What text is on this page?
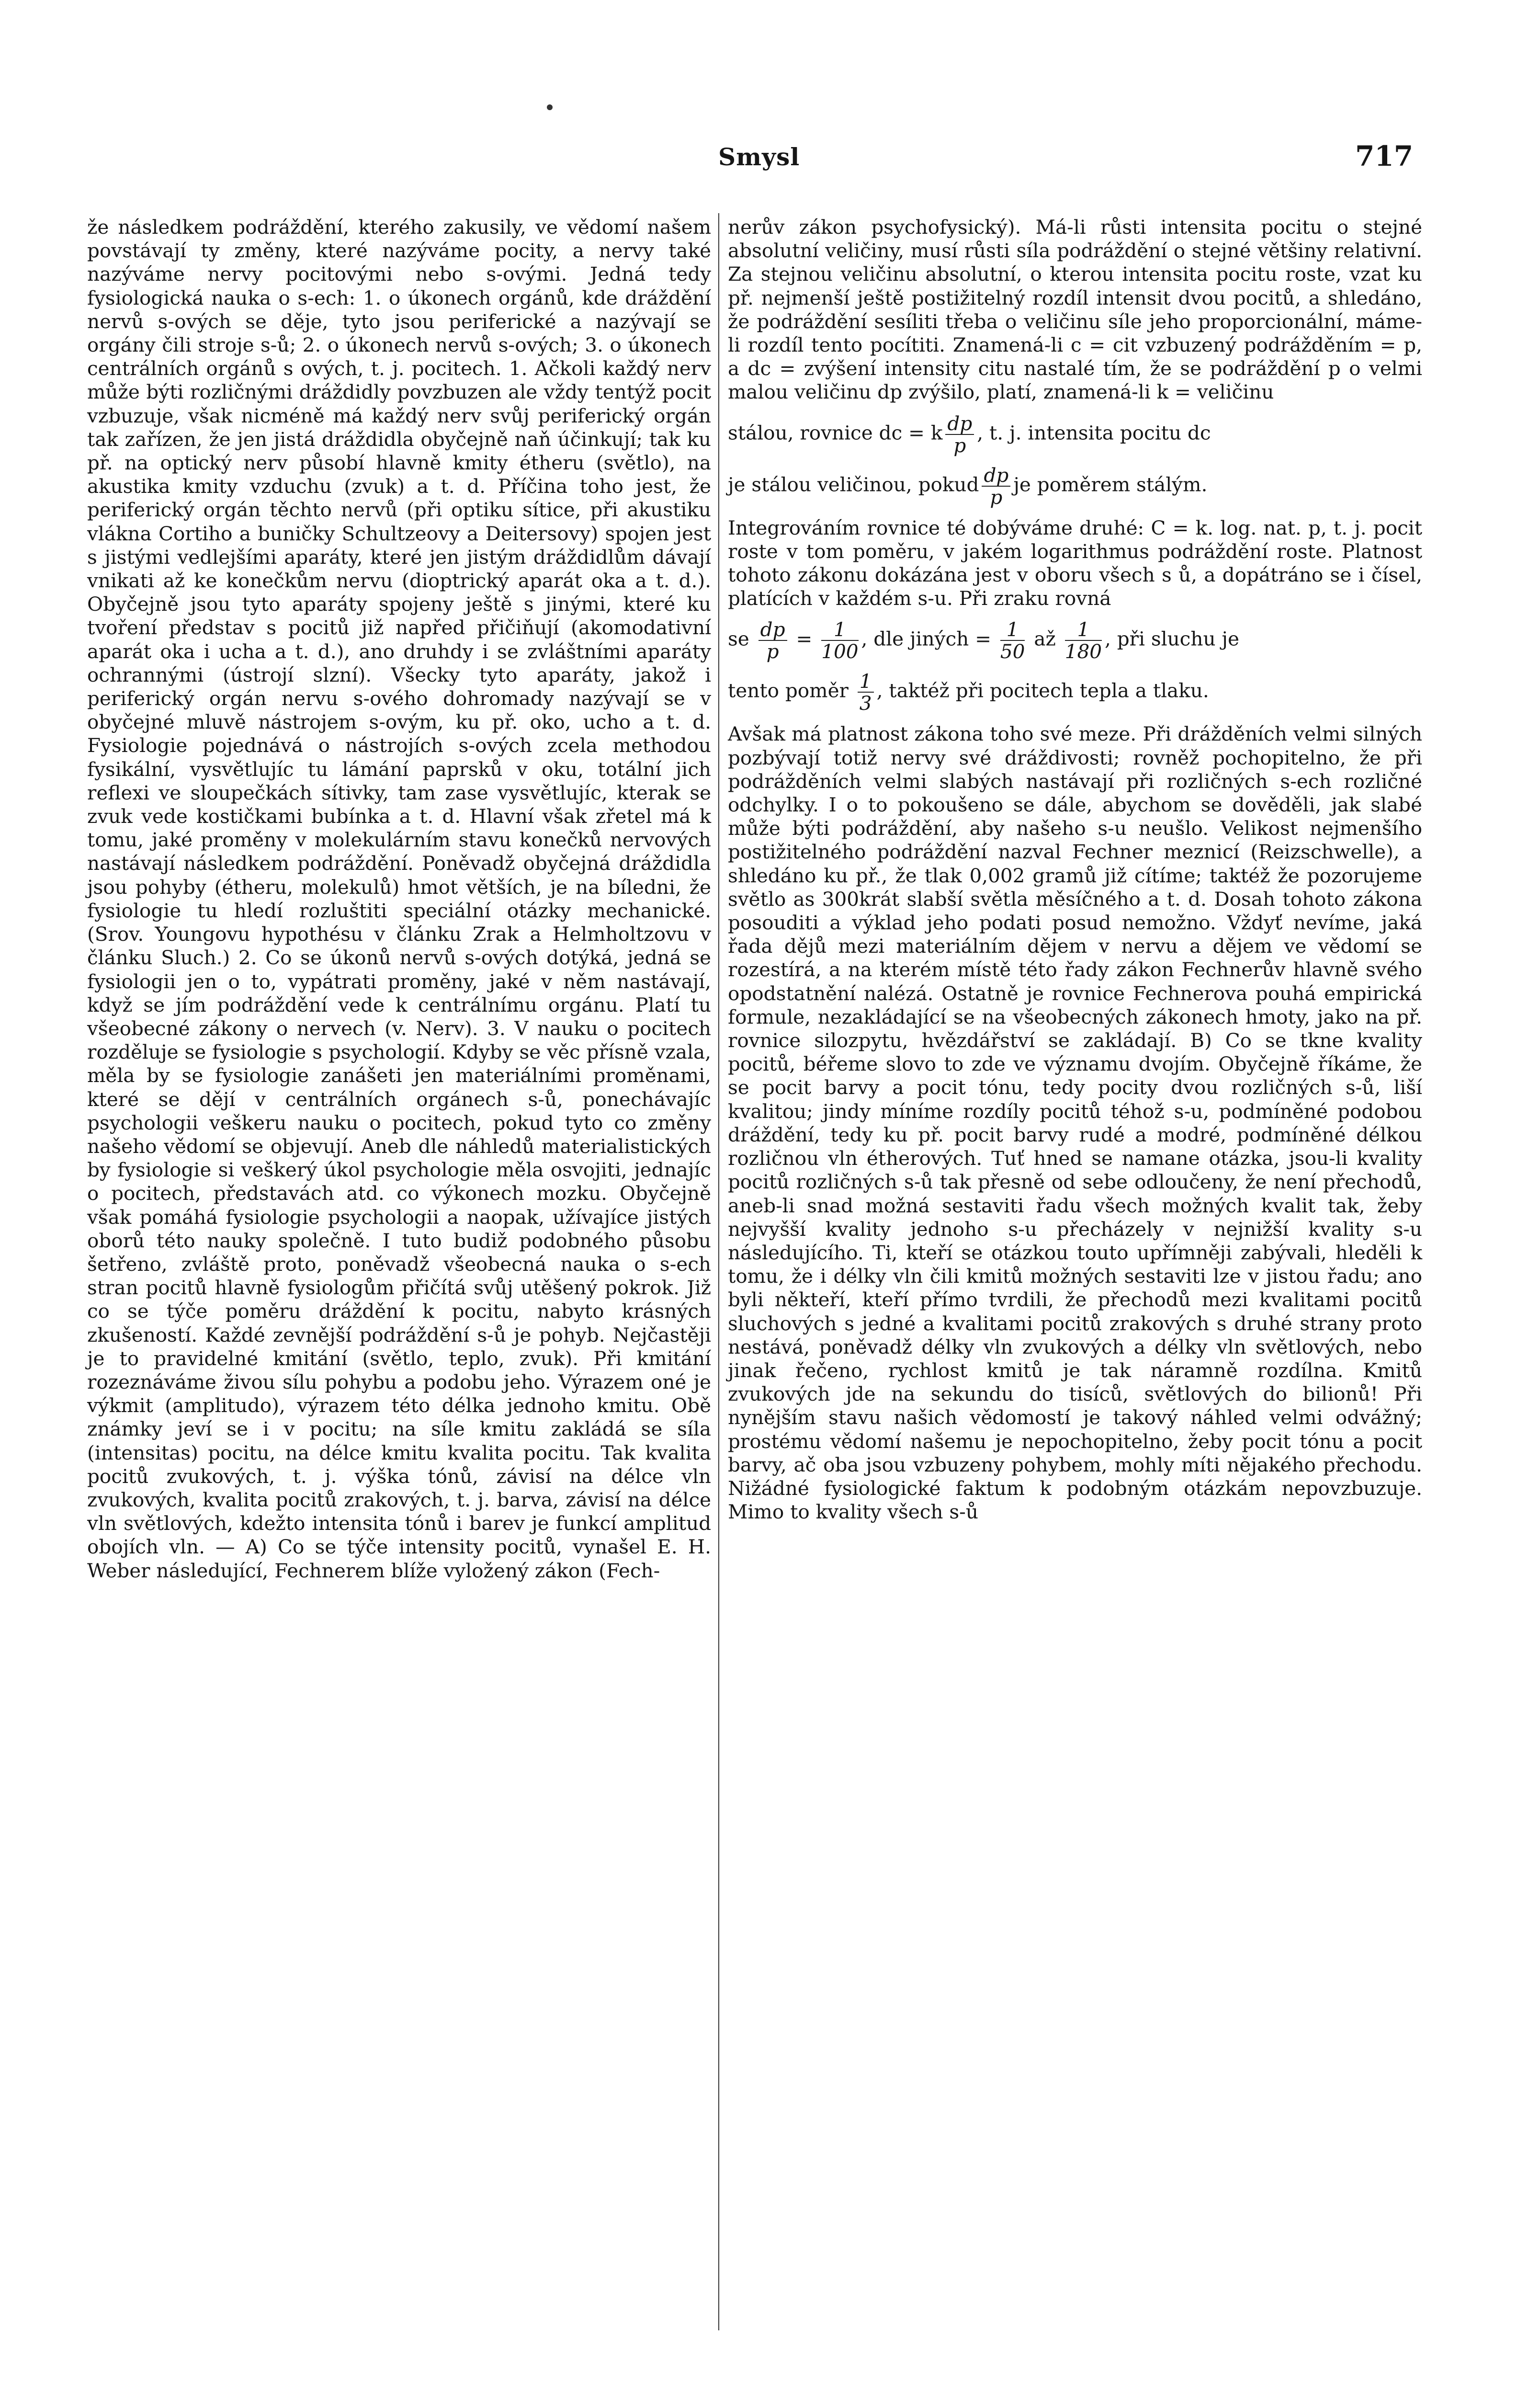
Smysl	717

že následkem podráždění, kterého zakusily, ve vědomí našem povstávají ty změny, které nazýváme pocity, a nervy také nazýváme nervy pocitovými nebo s-ovými. Jedná tedy fysiologická nauka o s-ech: 1. o úkonech orgánů, kde dráždění nervů s-ových se děje, tyto jsou periferické a nazývají se orgány čili stroje s-ů; 2. o úkonech nervů s-ových; 3. o úkonech centrálních orgánů s ových, t. j. pocitech. 1. Ačkoli každý nerv může býti rozličnými dráždidly povzbuzen ale vždy tentýž pocit vzbuzuje, však nicméně má každý nerv svůj periferický orgán tak zařízen, že jen jistá dráždidla obyčejně naň účinkují; tak ku př. na optický nerv působí hlavně kmity étheru (světlo), na akustika kmity vzduchu (zvuk) a t. d. Příčina toho jest, že periferický orgán těchto nervů (při optiku sítice, při akustiku vlákna Cortiho a buničky Schultzeovy a Deitersovy) spojen jest s jistými vedlejšími aparáty, které jen jistým dráždidlům dávají vnikati až ke konečkům nervu (dioptrický aparát oka a t. d.). Obyčejně jsou tyto aparáty spojeny ještě s jinými, které ku tvoření představ s pocitů již napřed přičiňují (akomodativní aparát oka i ucha a t. d.), ano druhdy i se zvláštními aparáty ochrannými (ústrojí slzní). Všecky tyto aparáty, jakož i periferický orgán nervu s-ového dohromady nazývají se v obyčejné mluvě nástrojem s-ovým, ku př. oko, ucho a t. d. Fysiologie pojednává o nástrojích s-ových zcela methodou fysikální, vysvětlujíc tu lámání paprsků v oku, totální jich reflexi ve sloupečkách sítivky, tam zase vysvětlujíc, kterak se zvuk vede kostičkami bubínka a t. d. Hlavní však zřetel má k tomu, jaké proměny v molekulárním stavu konečků nervových nastávají následkem podráždění. Poněvadž obyčejná dráždidla jsou pohyby (étheru, molekulů) hmot větších, je na bíledni, že fysiologie tu hledí rozluštiti speciální otázky mechanické. (Srov. Youngovu hypothésu v článku Zrak a Helmholtzovu v článku Sluch.) 2. Co se úkonů nervů s-ových dotýká, jedná se fysiologii jen o to, vypátrati proměny, jaké v něm nastávají, když se jím podráždění vede k centrálnímu orgánu. Platí tu všeobecné zákony o nervech (v. Nerv). 3. V nauku o pocitech rozděluje se fysiologie s psychologií. Kdyby se věc přísně vzala, měla by se fysiologie zanášeti jen materiálními proměnami, které se dějí v centrálních orgánech s-ů, ponechávajíc psychologii veškeru nauku o pocitech, pokud tyto co změny našeho vědomí se objevují. Aneb dle náhledů materialistických by fysiologie si veškerý úkol psychologie měla osvojiti, jednajíc o pocitech, představách atd. co výkonech mozku. Obyčejně však pomáhá fysiologie psychologii a naopak, užívajíce jistých oborů této nauky společně. I tuto budiž podobného působu šetřeno, zvláště proto, poněvadž všeobecná nauka o s-ech stran pocitů hlavně fysiologům přičítá svůj utěšený pokrok. Již co se týče poměru dráždění k pocitu, nabyto krásných zkušeností. Každé zevnější podráždění s-ů je pohyb. Nejčastěji je to pravidelné kmitání (světlo, teplo, zvuk). Při kmitání rozeznáváme živou sílu pohybu a podobu jeho. Výrazem oné je výkmit (amplitudo), výrazem této délka jednoho kmitu. Obě známky jeví se i v pocitu; na síle kmitu zakládá se síla (intensitas) pocitu, na délce kmitu kvalita pocitu. Tak kvalita pocitů zvukových, t. j. výška tónů, závisí na délce vln zvukových, kvalita pocitů zrakových, t. j. barva, závisí na délce vln světlových, kdežto intensita tónů i barev je funkcí amplitud obojích vln. — A) Co se týče intensity pocitů, vynašel E. H. Weber následující, Fechnerem blíže vyložený zákon (Fech-

nerův zákon psychofysický). Má-li růsti intensita pocitu o stejné absolutní veličiny, musí růsti síla podráždění o stejné většiny relativní. Za stejnou veličinu absolutní, o kterou intensita pocitu roste, vzat ku př. nejmenší ještě postižitelný rozdíl intensit dvou pocitů, a shledáno, že podráždění sesíliti třeba o veličinu síle jeho proporcionální, máme-li rozdíl tento pocítiti. Znamená-li c = cit vzbuzený podrážděním = p, a dc = zvýšení intensity citu nastalé tím, že se podráždění p o velmi malou veličinu dp zvýšilo, platí, znamená-li k = veličinu

stálou, rovnice dc = k $\frac{dp}{p}$ , t. j. intensita pocitu dc

je stálou veličinou, pokud $\frac{dp}{p}$ je poměrem stálým.

Integrováním rovnice té dobýváme druhé: C = k. log. nat. p, t. j. pocit roste v tom poměru, v jakém logarithmus podráždění roste. Platnost tohoto zákonu dokázána jest v oboru všech s ů, a dopátráno se i čísel, platících v každém s-u. Při zraku rovná

se $\frac{dp}{p} = \frac{1}{100}$ , dle jiných = $\frac{1}{50}$ až $\frac{1}{180}$ , při sluchu je

tento poměr $\frac{1}{3}$ , taktéž při pocitech tepla a tlaku.

Avšak má platnost zákona toho své meze. Při drážděních velmi silných pozbývají totiž nervy své dráždivosti; rovněž pochopitelno, že při podrážděních velmi slabých nastávají při rozličných s-ech rozličné odchylky. I o to pokoušeno se dále, abychom se dověděli, jak slabé může býti podráždění, aby našeho s-u neušlo. Velikost nejmenšího postižitelného podráždění nazval Fechner meznicí (Reizschwelle), a shledáno ku př., že tlak 0,002 gramů již cítíme; taktéž že pozorujeme světlo as 300krát slabší světla měsíčného a t. d. Dosah tohoto zákona posouditi a výklad jeho podati posud nemožno. Vždyť nevíme, jaká řada dějů mezi materiálním dějem v nervu a dějem ve vědomí se rozestírá, a na kterém místě této řady zákon Fechnerův hlavně svého opodstatnění nalézá. Ostatně je rovnice Fechnerova pouhá empirická formule, nezakládající se na všeobecných zákonech hmoty, jako na př. rovnice silozpytu, hvězdářství se zakládají. B) Co se tkne kvality pocitů, béřeme slovo to zde ve významu dvojím. Obyčejně říkáme, že se pocit barvy a pocit tónu, tedy pocity dvou rozličných s-ů, liší kvalitou; jindy míníme rozdíly pocitů téhož s-u, podmíněné podobou dráždění, tedy ku př. pocit barvy rudé a modré, podmíněné délkou rozličnou vln étherových. Tuť hned se namane otázka, jsou-li kvality pocitů rozličných s-ů tak přesně od sebe odloučeny, že není přechodů, aneb-li snad možná sestaviti řadu všech možných kvalit tak, žeby nejvyšší kvality jednoho s-u přecházely v nejnižší kvality s-u následujícího. Ti, kteří se otázkou touto upřímněji zabývali, hleděli k tomu, že i délky vln čili kmitů možných sestaviti lze v jistou řadu; ano byli někteří, kteří přímo tvrdili, že přechodů mezi kvalitami pocitů sluchových s jedné a kvalitami pocitů zrakových s druhé strany proto nestává, poněvadž délky vln zvukových a délky vln světlových, nebo jinak řečeno, rychlost kmitů je tak náramně rozdílna. Kmitů zvukových jde na sekundu do tisíců, světlových do bilionů! Při nynějším stavu našich vědomostí je takový náhled velmi odvážný; prostému vědomí našemu je nepochopitelno, žeby pocit tónu a pocit barvy, ač oba jsou vzbuzeny pohybem, mohly míti nějakého přechodu. Nižádné fysiologické faktum k podobným otázkám nepovzbuzuje. Mimo to kvality všech s-ů
